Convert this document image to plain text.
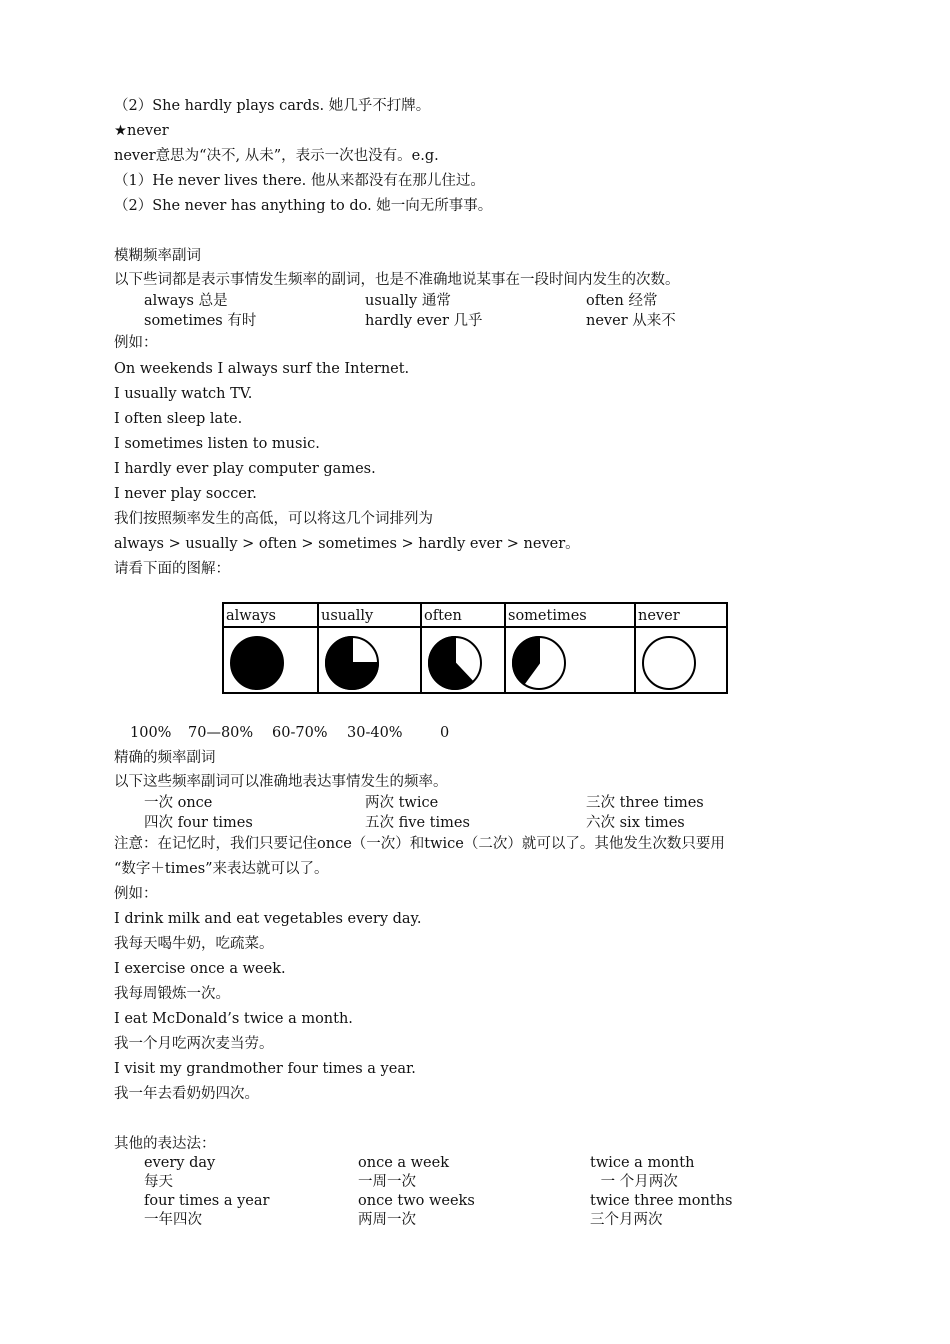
（2）She hardly plays cards. 她几乎不打牌。
★never
never意思为“决不, 从未”，表示一次也没有。e.g.
（1）He never lives there. 他从来都没有在那儿住过。
（2）She never has anything to do. 她一向无所事事。
模糊频率副词
以下些词都是表示事情发生频率的副词，也是不准确地说某事在一段时间内发生的次数。
always 总是	usually 通常	often 经常
sometimes 有时	hardly ever 几乎	never 从来不
例如：
On weekends I always surf the Internet.
I usually watch TV.
I often sleep late.
I sometimes listen to music.
I hardly ever play computer games.
I never play soccer.
我们按照频率发生的高低，可以将这几个词排列为
always > usually > often > sometimes > hardly ever > never。
请看下面的图解：
always	usually	often	sometimes	never
100% 70—80% 60-70% 30-40%	0
精确的频率副词
以下这些频率副词可以准确地表达事情发生的频率。
一次 once	两次 twice	三次 three times
四次 four times	五次 five times	六次 six times
注意：在记忆时，我们只要记住once（一次）和twice（二次）就可以了。其他发生次数只要用
“数字＋times”来表达就可以了。
例如：
I drink milk and eat vegetables every day.
我每天喝牛奶，吃疏菜。
I exercise once a week.
我每周锻炼一次。
I eat McDonald’s twice a month.
我一个月吃两次麦当劳。
I visit my grandmother four times a year.
我一年去看奶奶四次。
其他的表达法：
every day	once a week	twice a month
每天	一周一次	一 个月两次
four times a year	once two weeks	twice three months
一年四次	两周一次	三个月两次
